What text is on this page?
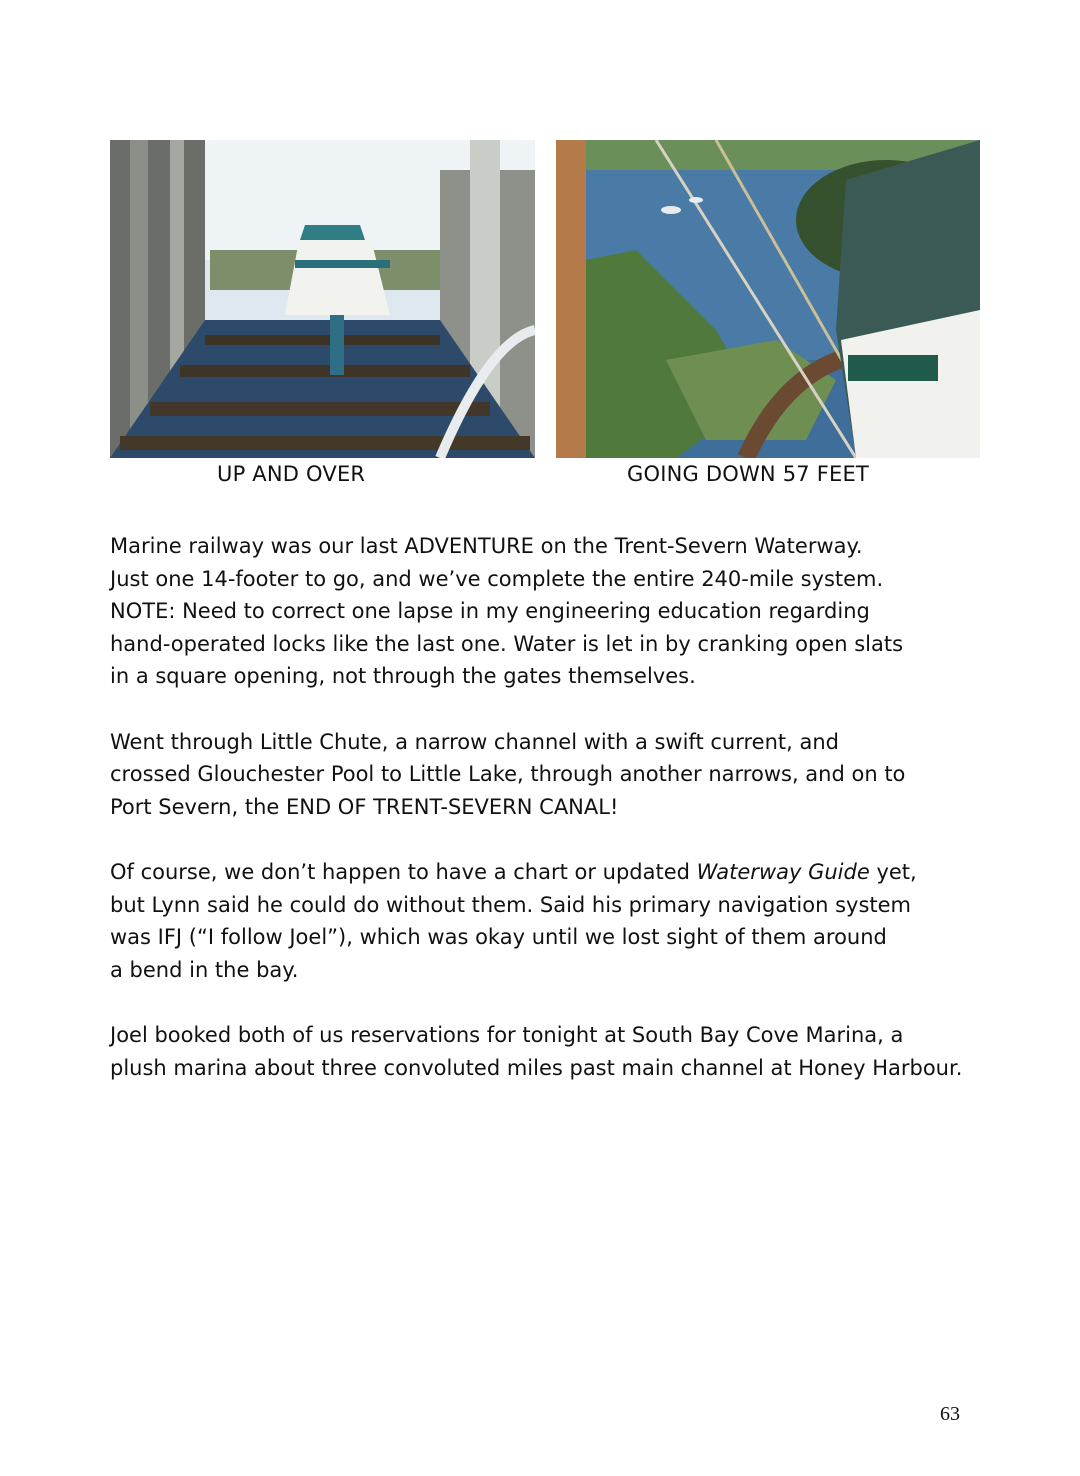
UP AND OVER	GOING DOWN 57 FEET

Marine railway was our last ADVENTURE on the Trent-Severn Waterway.
Just one 14-footer to go, and we’ve complete the entire 240-mile system.
NOTE: Need to correct one lapse in my engineering education regarding
hand-operated locks like the last one. Water is let in by cranking open slats
in a square opening, not through the gates themselves.

Went through Little Chute, a narrow channel with a swift current, and
crossed Glouchester Pool to Little Lake, through another narrows, and on to
Port Severn, the END OF TRENT-SEVERN CANAL!

Of course, we don’t happen to have a chart or updated Waterway Guide yet,
but Lynn said he could do without them. Said his primary navigation system
was IFJ (“I follow Joel”), which was okay until we lost sight of them around
a bend in the bay.

Joel booked both of us reservations for tonight at South Bay Cove Marina, a
plush marina about three convoluted miles past main channel at Honey Harbour.

63
